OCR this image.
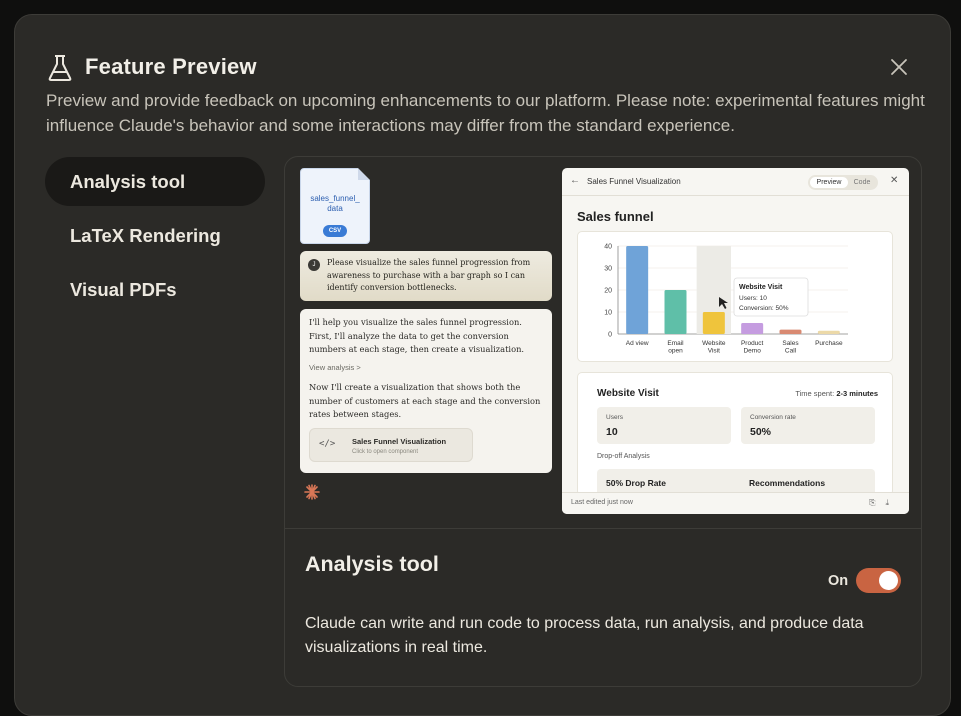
Feature Preview
Preview and provide feedback on upcoming enhancements to our platform. Please note: experimental features might influence Claude's behavior and some interactions may differ from the standard experience.
Analysis tool
LaTeX Rendering
Visual PDFs
sales_funnel_
data
CSV
J	Please visualize the sales funnel progression from awareness to purchase with a bar graph so I can identify conversion bottlenecks.
I'll help you visualize the sales funnel progression. First, I'll analyze the data to get the conversion numbers at each stage, then create a visualization.
View analysis >
Now I'll create a visualization that shows both the number of customers at each stage and the conversion rates between stages.
</> Sales Funnel Visualization
Click to open component
← Sales Funnel Visualization	Preview	Code	✕
Sales funnel
0
10
20
30
40
Ad view	Email
open
Website
Visit
Product
Demo
Sales
Call
Purchase
Website Visit
Users: 10
Conversion: 50%
Website Visit	Time spent: 2-3 minutes
Users
10
Conversion rate
50%
Drop-off Analysis
50% Drop Rate	Recommendations
Last edited just now	⎘⤓
Analysis tool
On
Claude can write and run code to process data, run analysis, and produce data visualizations in real time.
